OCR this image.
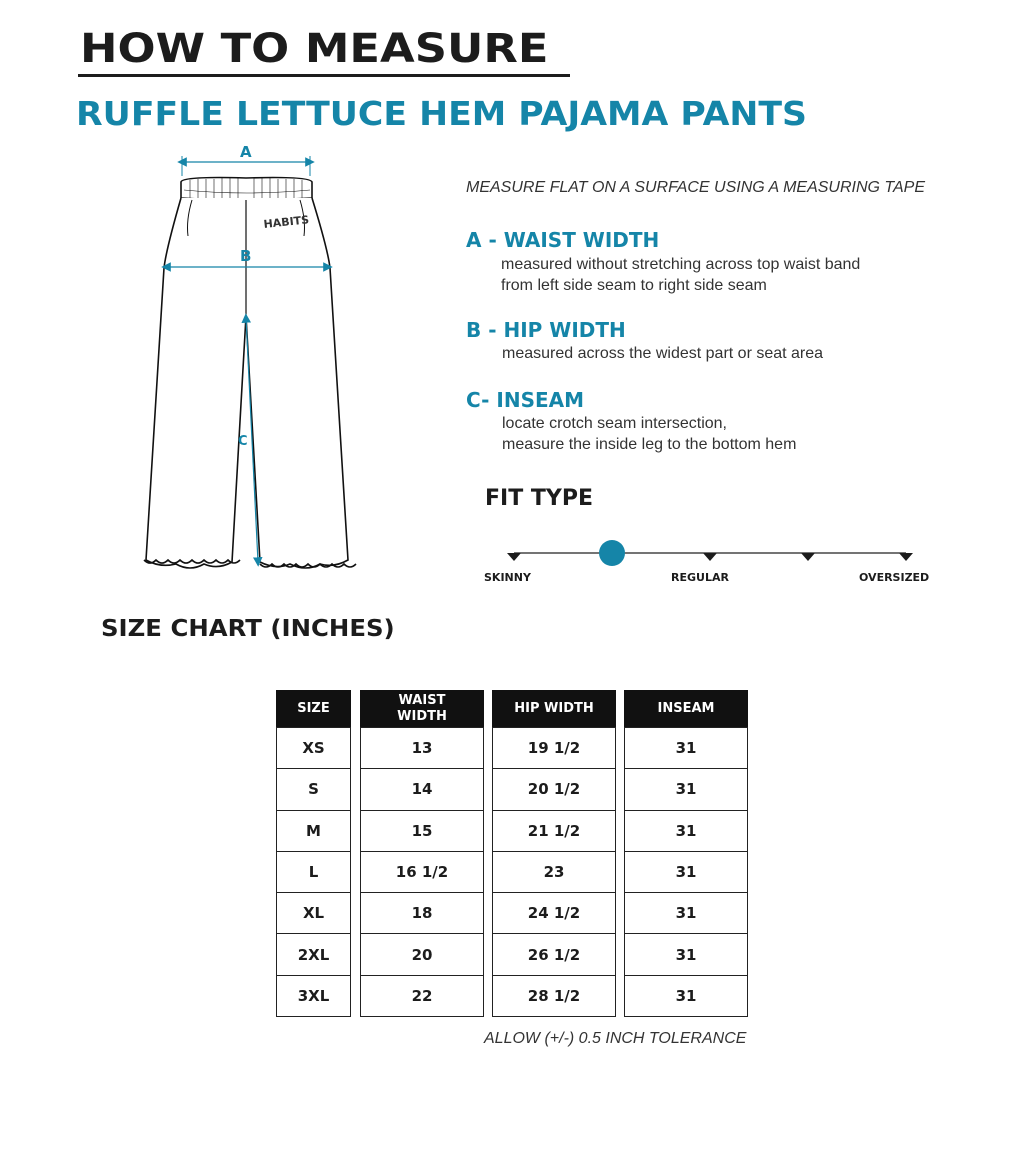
HOW TO MEASURE
RUFFLE LETTUCE HEM PAJAMA PANTS
HABITS
A
B
C
MEASURE FLAT ON A SURFACE USING A MEASURING TAPE
A - WAIST WIDTH
measured without stretching across top waist band
from left side seam to right side seam
B - HIP WIDTH
measured across the widest part or seat area
C- INSEAM
locate crotch seam intersection,
measure the inside leg to the bottom hem
FIT TYPE
SKINNY	REGULAR	OVERSIZED
SIZE CHART (INCHES)
SIZE
XS
S
M
L
XL
2XL
3XL
WAIST
WIDTH
13
14
15
16 1/2
18
20
22
HIP WIDTH
19 1/2
20 1/2
21 1/2
23
24 1/2
26 1/2
28 1/2
INSEAM
31
31
31
31
31
31
31
ALLOW (+/-) 0.5 INCH TOLERANCE
